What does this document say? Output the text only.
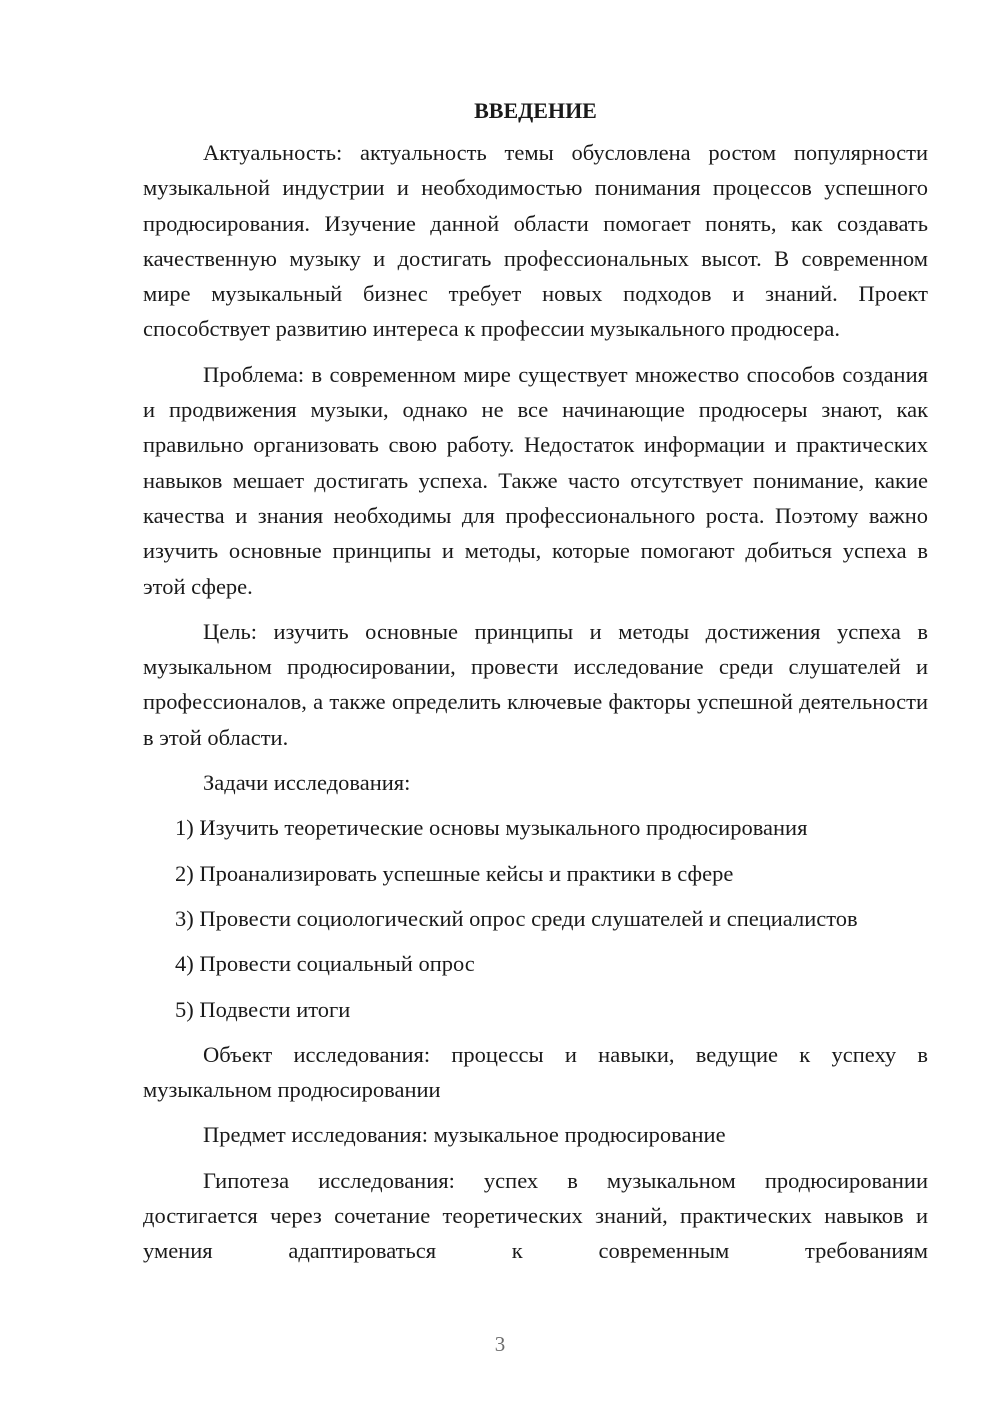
ВВЕДЕНИЕ

Актуальность: актуальность темы обусловлена ростом популярности музыкальной индустрии и необходимостью понимания процессов успешного продюсирования. Изучение данной области помогает понять, как создавать качественную музыку и достигать профессиональных высот. В современном мире музыкальный бизнес требует новых подходов и знаний. Проект способствует развитию интереса к профессии музыкального продюсера.

Проблема: в современном мире существует множество способов создания и продвижения музыки, однако не все начинающие продюсеры знают, как правильно организовать свою работу. Недостаток информации и практических навыков мешает достигать успеха. Также часто отсутствует понимание, какие качества и знания необходимы для профессионального роста. Поэтому важно изучить основные принципы и методы, которые помогают добиться успеха в этой сфере.

Цель: изучить основные принципы и методы достижения успеха в музыкальном продюсировании, провести исследование среди слушателей и профессионалов, а также определить ключевые факторы успешной деятельности в этой области.

Задачи исследования:

1) Изучить теоретические основы музыкального продюсирования
2) Проанализировать успешные кейсы и практики в сфере
3) Провести социологический опрос среди слушателей и специалистов
4) Провести социальный опрос
5) Подвести итоги

Объект исследования: процессы и навыки, ведущие к успеху в музыкальном продюсировании

Предмет исследования: музыкальное продюсирование

Гипотеза исследования: успех в музыкальном продюсировании достигается через сочетание теоретических знаний, практических навыков и умения адаптироваться к современным требованиям

3
